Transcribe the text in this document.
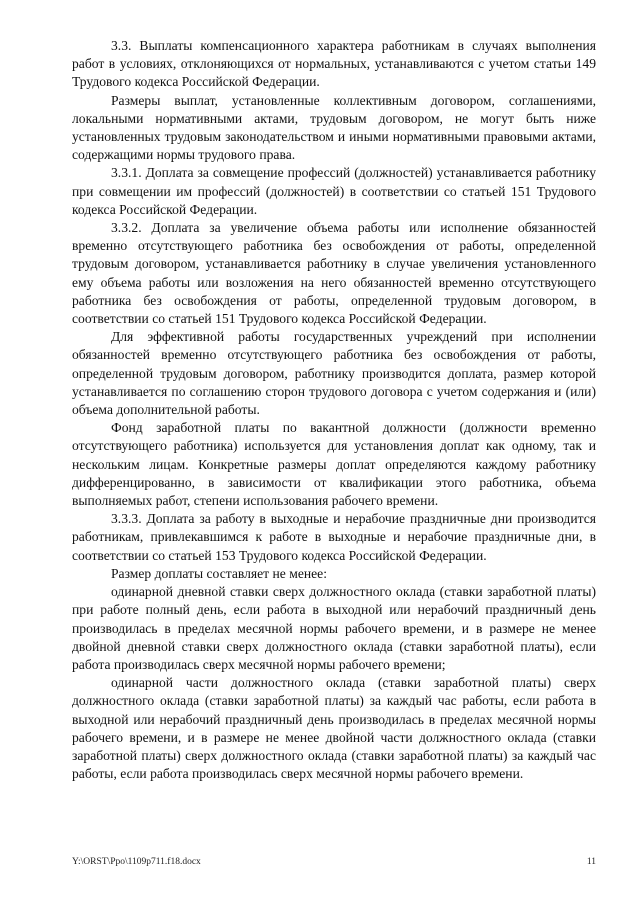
3.3. Выплаты компенсационного характера работникам в случаях выполнения работ в условиях, отклоняющихся от нормальных, устанавливаются с учетом статьи 149 Трудового кодекса Российской Федерации.

Размеры выплат, установленные коллективным договором, соглашениями, локальными нормативными актами, трудовым договором, не могут быть ниже установленных трудовым законодательством и иными нормативными правовыми актами, содержащими нормы трудового права.

3.3.1. Доплата за совмещение профессий (должностей) устанавливается работнику при совмещении им профессий (должностей) в соответствии со статьей 151 Трудового кодекса Российской Федерации.

3.3.2. Доплата за увеличение объема работы или исполнение обязанностей временно отсутствующего работника без освобождения от работы, определенной трудовым договором, устанавливается работнику в случае увеличения установленного ему объема работы или возложения на него обязанностей временно отсутствующего работника без освобождения от работы, определенной трудовым договором, в соответствии со статьей 151 Трудового кодекса Российской Федерации.

Для эффективной работы государственных учреждений при исполнении обязанностей временно отсутствующего работника без освобождения от работы, определенной трудовым договором, работнику производится доплата, размер которой устанавливается по соглашению сторон трудового договора с учетом содержания и (или) объема дополнительной работы.

Фонд заработной платы по вакантной должности (должности временно отсутствующего работника) используется для установления доплат как одному, так и нескольким лицам. Конкретные размеры доплат определяются каждому работнику дифференцированно, в зависимости от квалификации этого работника, объема выполняемых работ, степени использования рабочего времени.

3.3.3. Доплата за работу в выходные и нерабочие праздничные дни производится работникам, привлекавшимся к работе в выходные и нерабочие праздничные дни, в соответствии со статьей 153 Трудового кодекса Российской Федерации.

Размер доплаты составляет не менее:

одинарной дневной ставки сверх должностного оклада (ставки заработной платы) при работе полный день, если работа в выходной или нерабочий праздничный день производилась в пределах месячной нормы рабочего времени, и в размере не менее двойной дневной ставки сверх должностного оклада (ставки заработной платы), если работа производилась сверх месячной нормы рабочего времени;

одинарной части должностного оклада (ставки заработной платы) сверх должностного оклада (ставки заработной платы) за каждый час работы, если работа в выходной или нерабочий праздничный день производилась в пределах месячной нормы рабочего времени, и в размере не менее двойной части должностного оклада (ставки заработной платы) сверх должностного оклада (ставки заработной платы) за каждый час работы, если работа производилась сверх месячной нормы рабочего времени.

Y:\ORST\Ppo\1109p711.f18.docx	11
